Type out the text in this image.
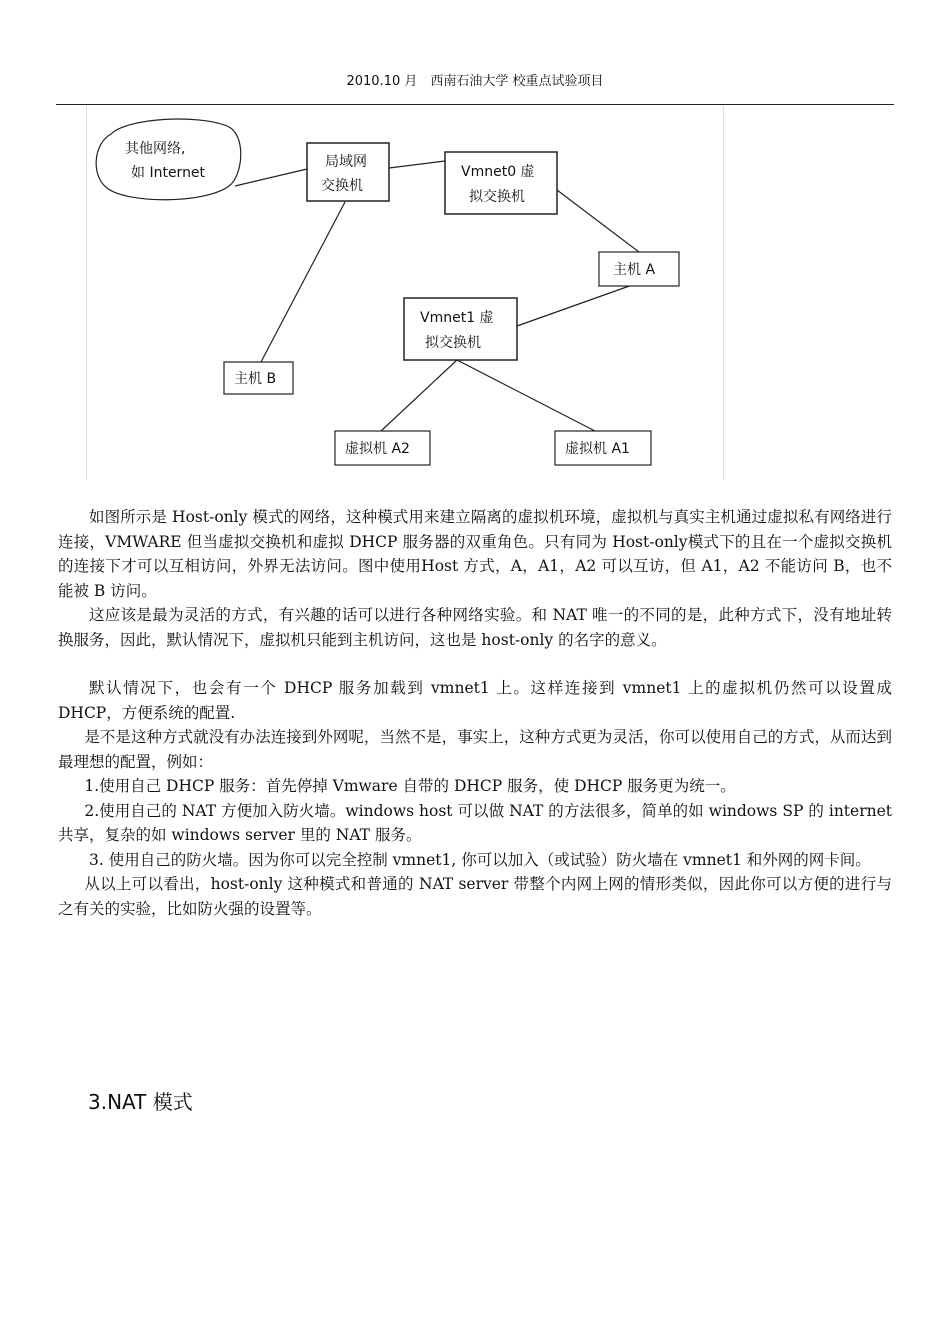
2010.10 月　西南石油大学 校重点试验项目
其他网络,
如 Internet
局域网
交换机
Vmnet0 虚
拟交换机
主机 A
Vmnet1 虚
拟交换机
主机 B
虚拟机 A2	虚拟机 A1

如图所示是 Host-only 模式的网络，这种模式用来建立隔离的虚拟机环境，虚拟机与真实主机通过虚拟私有网络进行连接，VMWARE 但当虚拟交换机和虚拟 DHCP 服务器的双重角色。只有同为 Host-only模式下的且在一个虚拟交换机的连接下才可以互相访问，外界无法访问。图中使用Host 方式，A，A1，A2 可以互访，但 A1，A2 不能访问 B，也不能被 B 访问。

这应该是最为灵活的方式，有兴趣的话可以进行各种网络实验。和 NAT 唯一的不同的是，此种方式下，没有地址转换服务，因此，默认情况下，虚拟机只能到主机访问，这也是 host-only 的名字的意义。

默认情况下，也会有一个 DHCP 服务加载到 vmnet1 上。这样连接到 vmnet1 上的虚拟机仍然可以设置成 DHCP，方便系统的配置.

是不是这种方式就没有办法连接到外网呢，当然不是，事实上，这种方式更为灵活，你可以使用自己的方式，从而达到最理想的配置，例如：

1.使用自己 DHCP 服务：首先停掉 Vmware 自带的 DHCP 服务，使 DHCP 服务更为统一。

2.使用自己的 NAT 方便加入防火墙。windows host 可以做 NAT 的方法很多，简单的如 windows SP 的 internet 共享，复杂的如 windows server 里的 NAT 服务。

3. 使用自己的防火墙。因为你可以完全控制 vmnet1, 你可以加入（或试验）防火墙在 vmnet1 和外网的网卡间。

从以上可以看出，host-only 这种模式和普通的 NAT server 带整个内网上网的情形类似，因此你可以方便的进行与之有关的实验，比如防火强的设置等。

3.NAT 模式
